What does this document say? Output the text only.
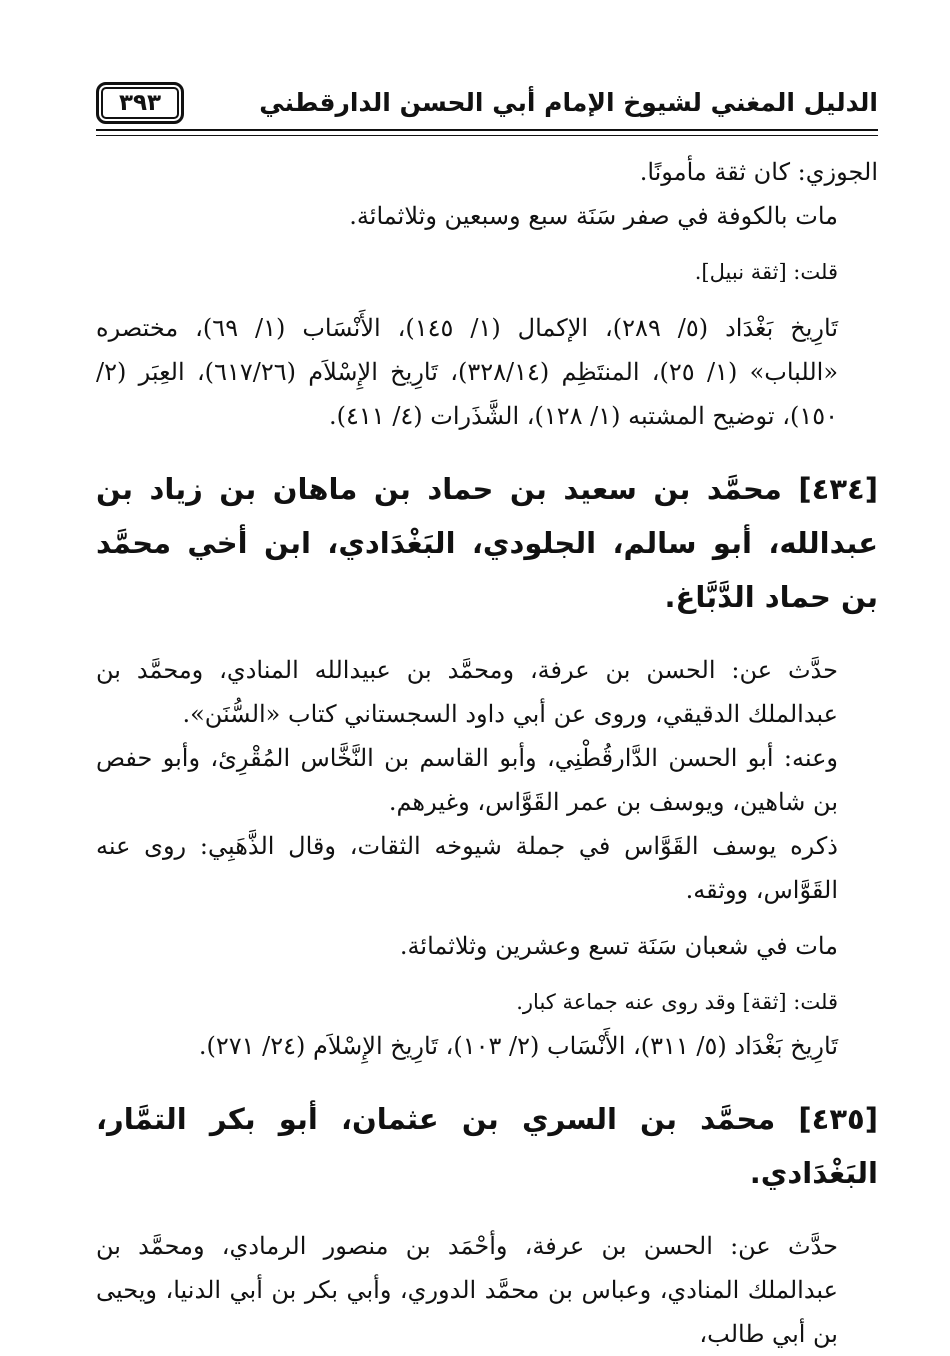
الدليل المغني لشيوخ الإمام أبي الحسن الدارقطني
٣٩٣

الجوزي: كان ثقة مأمونًا.

مات بالكوفة في صفر سَنَة سبع وسبعين وثلاثمائة.

قلت: [ثقة نبيل].

تَارِيخ بَغْدَاد (٥/ ٢٨٩)، الإكمال (١/ ١٤٥)، الأَنْسَاب (١/ ٦٩)، مختصره «اللباب» (١/ ٢٥)، المنتَظِم (٣٢٨/١٤)، تَارِيخ الإِسْلاَم (٦١٧/٢٦)، العِبَر (٢/ ١٥٠)، توضيح المشتبه (١/ ١٢٨)، الشَّذَرات (٤/ ٤١١).

[٤٣٤] محمَّد بن سعيد بن حماد بن ماهان بن زياد بن عبدالله، أبو سالم، الجلودي، البَغْدَادي، ابن أخي محمَّد بن حماد الدَّبَّاغ.

حدَّث عن: الحسن بن عرفة، ومحمَّد بن عبيدالله المنادي، ومحمَّد بن عبدالملك الدقيقي، وروى عن أبي داود السجستاني كتاب «السُّنَن».

وعنه: أبو الحسن الدَّارقُطْنِي، وأبو القاسم بن النَّخَّاس المُقْرِئ، وأبو حفص بن شاهين، ويوسف بن عمر القَوَّاس، وغيرهم.

ذكره يوسف القَوَّاس في جملة شيوخه الثقات، وقال الذَّهَبِي: روى عنه القَوَّاس، ووثقه.

مات في شعبان سَنَة تسع وعشرين وثلاثمائة.

قلت: [ثقة] وقد روى عنه جماعة كبار.

تَارِيخ بَغْدَاد (٥/ ٣١١)، الأَنْسَاب (٢/ ١٠٣)، تَارِيخ الإِسْلاَم (٢٤/ ٢٧١).

[٤٣٥] محمَّد بن السري بن عثمان، أبو بكر التمَّار، البَغْدَادي.

حدَّث عن: الحسن بن عرفة، وأحْمَد بن منصور الرمادي، ومحمَّد بن عبدالملك المنادي، وعباس بن محمَّد الدوري، وأبي بكر بن أبي الدنيا، ويحيى بن أبي طالب،
